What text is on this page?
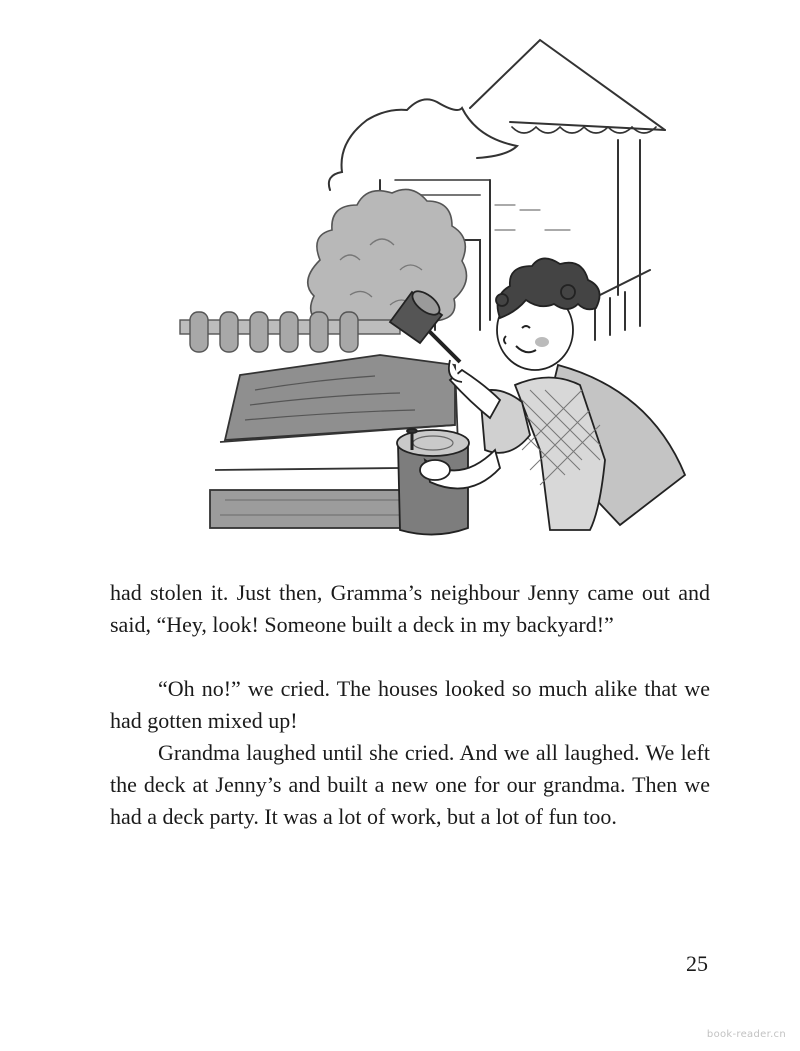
had stolen it. Just then, Gramma’s neighbour Jenny came out and said, “Hey, look! Someone built a deck in my backyard!”

“Oh no!” we cried. The houses looked so much alike that we had gotten mixed up!

Grandma laughed until she cried. And we all laughed. We left the deck at Jenny’s and built a new one for our grandma. Then we had a deck party. It was a lot of work, but a lot of fun too.

25
book-reader.cn
